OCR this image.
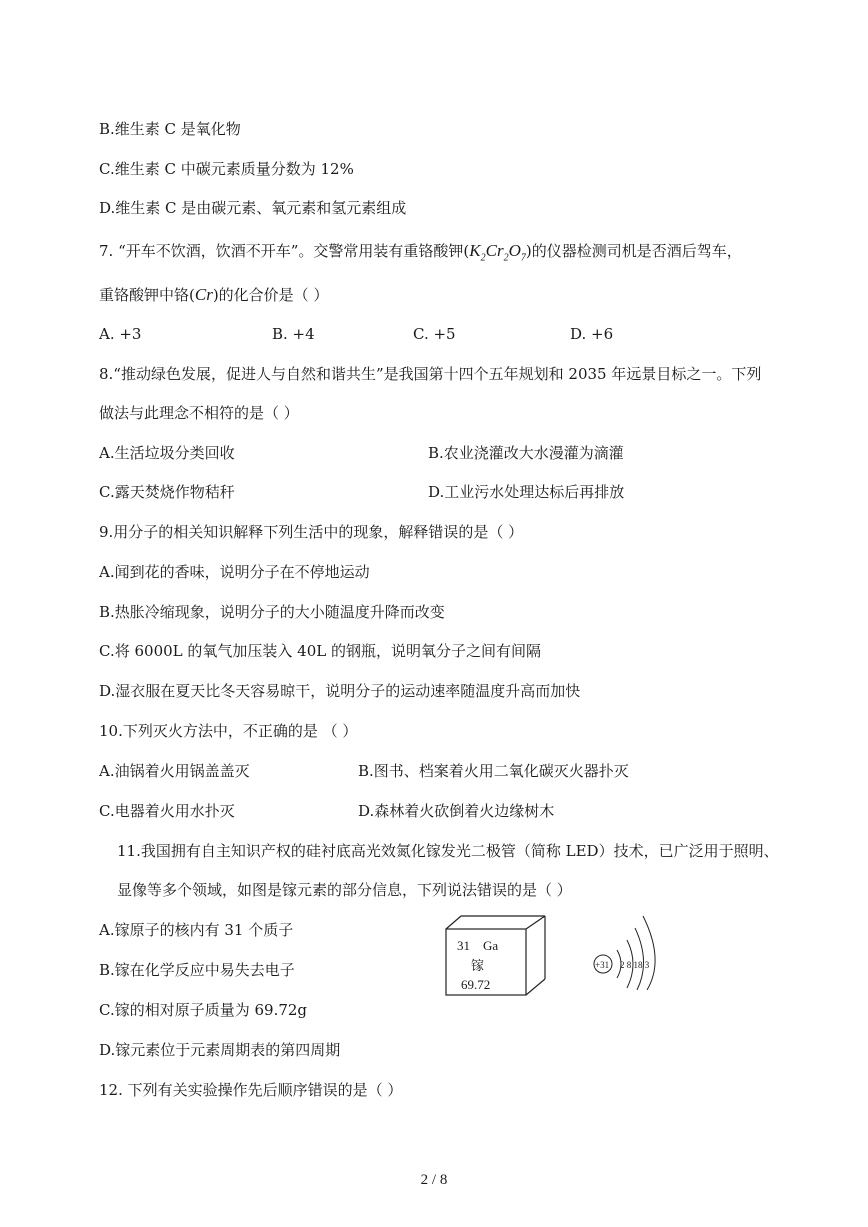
B.维生素 C 是氧化物
C.维生素 C 中碳元素质量分数为 12%
D.维生素 C 是由碳元素、氧元素和氢元素组成
7. “开车不饮酒，饮酒不开车”。交警常用装有重铬酸钾$(K_2Cr_2O_7)$的仪器检测司机是否酒后驾车，
重铬酸钾中铬(Cr)的化合价是（ ）
A. +3	B. +4	C. +5	D. +6
8.“推动绿色发展，促进人与自然和谐共生”是我国第十四个五年规划和 2035 年远景目标之一。下列
做法与此理念不相符的是（ ）
A.生活垃圾分类回收	B.农业浇灌改大水漫灌为滴灌
C.露天焚烧作物秸秆	D.工业污水处理达标后再排放
9.用分子的相关知识解释下列生活中的现象，解释错误的是（ ）
A.闻到花的香味，说明分子在不停地运动
B.热胀冷缩现象，说明分子的大小随温度升降而改变
C.将 6000L 的氧气加压装入 40L 的钢瓶，说明氧分子之间有间隔
D.湿衣服在夏天比冬天容易晾干，说明分子的运动速率随温度升高而加快
10.下列灭火方法中，不正确的是 （ ）
A.油锅着火用锅盖盖灭	B.图书、档案着火用二氧化碳灭火器扑灭
C.电器着火用水扑灭	D.森林着火砍倒着火边缘树木
11.我国拥有自主知识产权的硅衬底高光效氮化镓发光二极管（简称 LED）技术，已广泛用于照明、
显像等多个领域，如图是镓元素的部分信息，下列说法错误的是（ ）
A.镓原子的核内有 31 个质子
B.镓在化学反应中易失去电子
C.镓的相对原子质量为 69.72g
D.镓元素位于元素周期表的第四周期
31 Ga
镓
69.72
+31 2 8 18 3
12. 下列有关实验操作先后顺序错误的是（ ）
2 / 8
